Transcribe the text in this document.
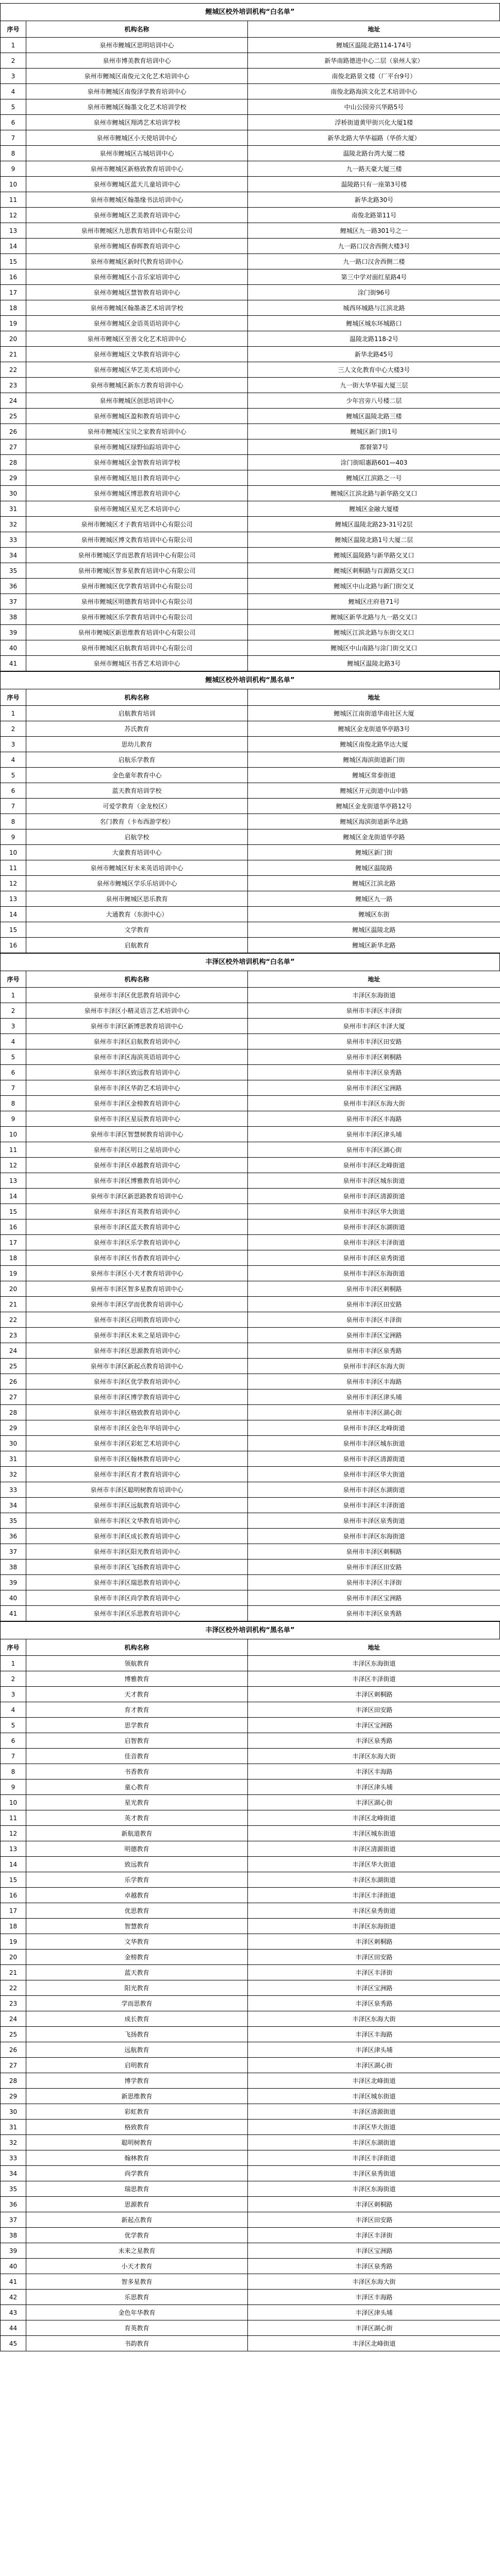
鲤城区校外培训机构“白名单”
序号	机构名称	地址
1	泉州市鲤城区思明培训中心	鲤城区温陵北路114-174号
2	泉州市博美教育培训中心	新华南路德进中心二层（泉州人家）
3	泉州市鲤城区南俊元文化艺术培训中心	南俊北路景文楼（厂平台9号）
4	泉州市鲤城区南俊泽学教育培训中心	南俊北路海滨文化艺术培训中心
5	泉州市鲤城区翰墨文化艺术培训学校	中山公园旁兴华路5号
6	泉州市鲤城区翔鸿艺术培训学校	浮桥街道黄甲街兴化大厦1楼
7	泉州市鲤城区小天使培训中心	新华北路大华华福路（华侨大厦）
8	泉州市鲤城区古城培训中心	温陵北路台湾大厦二楼
9	泉州市鲤城区新格致教育培训中心	九一路天豪大厦三楼
10	泉州市鲤城区蓝天儿童培训中心	温陵路只有一座第3号楼
11	泉州市鲤城区翰墨缘书法培训中心	新华北路30号
12	泉州市鲤城区艺美教育培训中心	南俊北路第11号
13	泉州市鲤城区九思教育培训中心有限公司	鲤城区九一路301号之一
14	泉州市鲤城区春晖教育培训中心	九一路口汉舍西侧大楼3号
15	泉州市鲤城区新时代教育培训中心	九一路口汉舍西侧二楼
16	泉州市鲤城区小音乐家培训中心	第三中学对面红星路4号
17	泉州市鲤城区慧智教育培训中心	涂门街96号
18	泉州市鲤城区翰墨斋艺术培训学校	城西环城路与江滨北路
19	泉州市鲤城区金语英语培训中心	鲤城区城东环城路口
20	泉州市鲤城区至善文化艺术培训中心	温陵北路118-2号
21	泉州市鲤城区文华教育培训中心	新华北路45号
22	泉州市鲤城区华艺美术培训中心	三人文化教育中心大楼3号
23	泉州市鲤城区新东方教育培训中心	九一街大华华福大厦三层
24	泉州市鲤城区创思培训中心	少年宫旁八号楼二层
25	泉州市鲤城区盈和教育培训中心	鲤城区温陵北路三楼
26	泉州市鲤城区宝贝之家教育培训中心	鲤城区新门街1号
27	泉州市鲤城区绿野仙踪培训中心	都督第7号
28	泉州市鲤城区金智教育培训学校	涂门街昭惠路601—403
29	泉州市鲤城区旭日教育培训中心	鲤城区江滨路之一号
30	泉州市鲤城区博思教育培训中心	鲤城区江滨北路与新华路交叉口
31	泉州市鲤城区星光艺术培训中心	鲤城区金融大厦楼
32	泉州市鲤城区才子教育培训中心有限公司	鲤城区温陵北路23-31号2层
33	泉州市鲤城区博文教育培训中心有限公司	鲤城区温陵北路1号大厦二层
34	泉州市鲤城区学而思教育培训中心有限公司	鲤城区温陵路与新华路交叉口
35	泉州市鲤城区智多星教育培训中心有限公司	鲤城区刺桐路与百源路交叉口
36	泉州市鲤城区优学教育培训中心有限公司	鲤城区中山北路与新门街交叉
37	泉州市鲤城区明德教育培训中心有限公司	鲤城区庄府巷71号
38	泉州市鲤城区乐学教育培训中心有限公司	鲤城区新华北路与九一路交叉口
39	泉州市鲤城区新思维教育培训中心有限公司	鲤城区江滨北路与东街交叉口
40	泉州市鲤城区启航教育培训中心有限公司	鲤城区中山南路与涂门街交叉口
41	泉州市鲤城区书香艺术培训中心	鲤城区温陵北路3号
鲤城区校外培训机构“黑名单”
序号	机构名称	地址
1	启航教育培训	鲤城区江南街道华南社区大厦
2	苏氏教育	鲤城区金龙街道华亭路3号
3	思幼儿教育	鲤城区南俊北路华达大厦
4	启航乐学教育	鲤城区海滨街道新门街
5	金色童年教育中心	鲤城区常泰街道
6	蓝天教育培训学校	鲤城区开元街道中山中路
7	可爱学教育（金龙校区）	鲤城区金龙街道华亭路12号
8	名门教育（卡布西游学校）	鲤城区海滨街道新华北路
9	启航学校	鲤城区金龙街道华亭路
10	大童教育培训中心	鲤城区新门街
11	泉州市鲤城区好未来英语培训中心	鲤城区温陵路
12	泉州市鲤城区学乐乐培训中心	鲤城区江滨北路
13	泉州市鲤城区思乐教育	鲤城区九一路
14	大通教育（东街中心）	鲤城区东街
15	文学教育	鲤城区温陵北路
16	启航教育	鲤城区新华北路
丰泽区校外培训机构“白名单”
序号	机构名称	地址
1	泉州市丰泽区优思教育培训中心	丰泽区东海街道
2	泉州市丰泽区小精灵语言艺术培训中心	泉州市丰泽区丰泽街
3	泉州市丰泽区新博思教育培训中心	泉州市丰泽区丰泽大厦
4	泉州市丰泽区启航教育培训中心	泉州市丰泽区田安路
5	泉州市丰泽区海滨英语培训中心	泉州市丰泽区刺桐路
6	泉州市丰泽区致远教育培训中心	泉州市丰泽区泉秀路
7	泉州市丰泽区华韵艺术培训中心	泉州市丰泽区宝洲路
8	泉州市丰泽区金榜教育培训中心	泉州市丰泽区东海大街
9	泉州市丰泽区星辰教育培训中心	泉州市丰泽区丰海路
10	泉州市丰泽区智慧树教育培训中心	泉州市丰泽区津头埔
11	泉州市丰泽区明日之星培训中心	泉州市丰泽区湖心街
12	泉州市丰泽区卓越教育培训中心	泉州市丰泽区北峰街道
13	泉州市丰泽区博雅教育培训中心	泉州市丰泽区城东街道
14	泉州市丰泽区新思路教育培训中心	泉州市丰泽区清源街道
15	泉州市丰泽区育英教育培训中心	泉州市丰泽区华大街道
16	泉州市丰泽区蓝天教育培训中心	泉州市丰泽区东湖街道
17	泉州市丰泽区乐学教育培训中心	泉州市丰泽区丰泽街道
18	泉州市丰泽区书香教育培训中心	泉州市丰泽区泉秀街道
19	泉州市丰泽区小天才教育培训中心	泉州市丰泽区东海街道
20	泉州市丰泽区智多星教育培训中心	泉州市丰泽区刺桐路
21	泉州市丰泽区学而优教育培训中心	泉州市丰泽区田安路
22	泉州市丰泽区启明教育培训中心	泉州市丰泽区丰泽街
23	泉州市丰泽区未来之星培训中心	泉州市丰泽区宝洲路
24	泉州市丰泽区思源教育培训中心	泉州市丰泽区泉秀路
25	泉州市丰泽区新起点教育培训中心	泉州市丰泽区东海大街
26	泉州市丰泽区优学教育培训中心	泉州市丰泽区丰海路
27	泉州市丰泽区博学教育培训中心	泉州市丰泽区津头埔
28	泉州市丰泽区格致教育培训中心	泉州市丰泽区湖心街
29	泉州市丰泽区金色年华培训中心	泉州市丰泽区北峰街道
30	泉州市丰泽区彩虹艺术培训中心	泉州市丰泽区城东街道
31	泉州市丰泽区翰林教育培训中心	泉州市丰泽区清源街道
32	泉州市丰泽区育才教育培训中心	泉州市丰泽区华大街道
33	泉州市丰泽区聪明树教育培训中心	泉州市丰泽区东湖街道
34	泉州市丰泽区远航教育培训中心	泉州市丰泽区丰泽街道
35	泉州市丰泽区文华教育培训中心	泉州市丰泽区泉秀街道
36	泉州市丰泽区成长教育培训中心	泉州市丰泽区东海街道
37	泉州市丰泽区阳光教育培训中心	泉州市丰泽区刺桐路
38	泉州市丰泽区飞扬教育培训中心	泉州市丰泽区田安路
39	泉州市丰泽区瑞思教育培训中心	泉州市丰泽区丰泽街
40	泉州市丰泽区尚学教育培训中心	泉州市丰泽区宝洲路
41	泉州市丰泽区乐思教育培训中心	泉州市丰泽区泉秀路
丰泽区校外培训机构“黑名单”
序号	机构名称	地址
1	领航教育	丰泽区东海街道
2	博雅教育	丰泽区丰泽街道
3	天才教育	丰泽区刺桐路
4	育才教育	丰泽区田安路
5	思学教育	丰泽区宝洲路
6	启智教育	丰泽区泉秀路
7	佳音教育	丰泽区东海大街
8	书香教育	丰泽区丰海路
9	童心教育	丰泽区津头埔
10	星光教育	丰泽区湖心街
11	英才教育	丰泽区北峰街道
12	新航道教育	丰泽区城东街道
13	明德教育	丰泽区清源街道
14	致远教育	丰泽区华大街道
15	乐学教育	丰泽区东湖街道
16	卓越教育	丰泽区丰泽街道
17	优思教育	丰泽区泉秀街道
18	智慧教育	丰泽区东海街道
19	文华教育	丰泽区刺桐路
20	金榜教育	丰泽区田安路
21	蓝天教育	丰泽区丰泽街
22	阳光教育	丰泽区宝洲路
23	学而思教育	丰泽区泉秀路
24	成长教育	丰泽区东海大街
25	飞扬教育	丰泽区丰海路
26	远航教育	丰泽区津头埔
27	启明教育	丰泽区湖心街
28	博学教育	丰泽区北峰街道
29	新思维教育	丰泽区城东街道
30	彩虹教育	丰泽区清源街道
31	格致教育	丰泽区华大街道
32	聪明树教育	丰泽区东湖街道
33	翰林教育	丰泽区丰泽街道
34	尚学教育	丰泽区泉秀街道
35	瑞思教育	丰泽区东海街道
36	思源教育	丰泽区刺桐路
37	新起点教育	丰泽区田安路
38	优学教育	丰泽区丰泽街
39	未来之星教育	丰泽区宝洲路
40	小天才教育	丰泽区泉秀路
41	智多星教育	丰泽区东海大街
42	乐思教育	丰泽区丰海路
43	金色年华教育	丰泽区津头埔
44	育英教育	丰泽区湖心街
45	书韵教育	丰泽区北峰街道
